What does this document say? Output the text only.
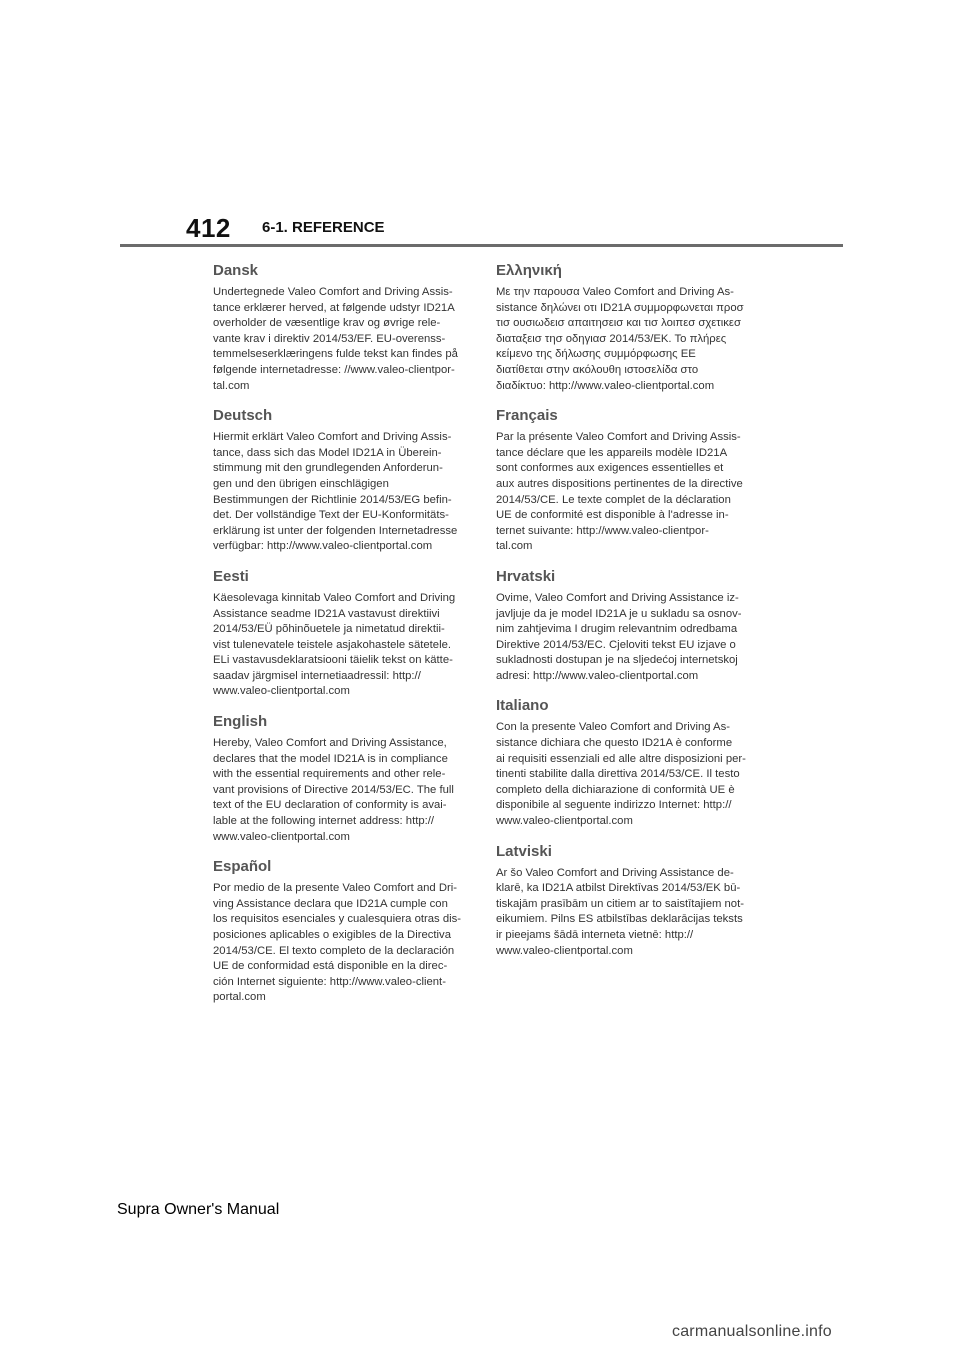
412 6-1. REFERENCE
Dansk

Undertegnede Valeo Comfort and Driving Assis-
tance erklærer herved, at følgende udstyr ID21A
overholder de væsentlige krav og øvrige rele-
vante krav i direktiv 2014/53/EF. EU-overenss-
temmelseserklæringens fulde tekst kan findes på
følgende internetadresse: //www.valeo-clientpor-
tal.com

Deutsch

Hiermit erklärt Valeo Comfort and Driving Assis-
tance, dass sich das Model ID21A in Überein-
stimmung mit den grundlegenden Anforderun-
gen und den übrigen einschlägigen
Bestimmungen der Richtlinie 2014/53/EG befin-
det. Der vollständige Text der EU-Konformitäts-
erklärung ist unter der folgenden Internetadresse
verfügbar: http://www.valeo-clientportal.com

Eesti

Käesolevaga kinnitab Valeo Comfort and Driving
Assistance seadme ID21A vastavust direktiivi
2014/53/EÜ põhinõuetele ja nimetatud direktii-
vist tulenevatele teistele asjakohastele sätetele.
ELi vastavusdeklaratsiooni täielik tekst on kätte-
saadav järgmisel internetiaadressil: http://
www.valeo-clientportal.com

English

Hereby, Valeo Comfort and Driving Assistance,
declares that the model ID21A is in compliance
with the essential requirements and other rele-
vant provisions of Directive 2014/53/EC. The full
text of the EU declaration of conformity is avai-
lable at the following internet address: http://
www.valeo-clientportal.com

Español

Por medio de la presente Valeo Comfort and Dri-
ving Assistance declara que ID21A cumple con
los requisitos esenciales y cualesquiera otras dis-
posiciones aplicables o exigibles de la Directiva
2014/53/CE. El texto completo de la declaración
UE de conformidad está disponible en la direc-
ción Internet siguiente: http://www.valeo-client-
portal.com

Ελληνική

Με την παρουσα Valeo Comfort and Driving As-
sistance δηλώνει οτι ID21A συμμορφωνεται προσ
τισ ουσιωδεισ απαιτησεισ και τισ λοιπεσ σχετικεσ
διαταξεισ τησ οδηγιασ 2014/53/ΕΚ. Το πλήρες
κείμενο της δήλωσης συμμόρφωσης ΕΕ
διατίθεται στην ακόλουθη ιστοσελίδα στο
διαδίκτυο: http://www.valeo-clientportal.com

Français

Par la présente Valeo Comfort and Driving Assis-
tance déclare que les appareils modèle ID21A
sont conformes aux exigences essentielles et
aux autres dispositions pertinentes de la directive
2014/53/CE. Le texte complet de la déclaration
UE de conformité est disponible à l'adresse in-
ternet suivante: http://www.valeo-clientpor-
tal.com

Hrvatski

Ovime, Valeo Comfort and Driving Assistance iz-
javljuje da je model ID21A je u sukladu sa osnov-
nim zahtjevima I drugim relevantnim odredbama
Direktive 2014/53/EC. Cjeloviti tekst EU izjave o
sukladnosti dostupan je na sljedećoj internetskoj
adresi: http://www.valeo-clientportal.com

Italiano

Con la presente Valeo Comfort and Driving As-
sistance dichiara che questo ID21A è conforme
ai requisiti essenziali ed alle altre disposizioni per-
tinenti stabilite dalla direttiva 2014/53/CE. Il testo
completo della dichiarazione di conformità UE è
disponibile al seguente indirizzo Internet: http://
www.valeo-clientportal.com

Latviski

Ar šo Valeo Comfort and Driving Assistance de-
klarē, ka ID21A atbilst Direktīvas 2014/53/EK bū-
tiskajām prasībām un citiem ar to saistītajiem not-
eikumiem. Pilns ES atbilstības deklarācijas teksts
ir pieejams šādā interneta vietnē: http://
www.valeo-clientportal.com

Supra Owner's Manual
carmanualsonline.info
